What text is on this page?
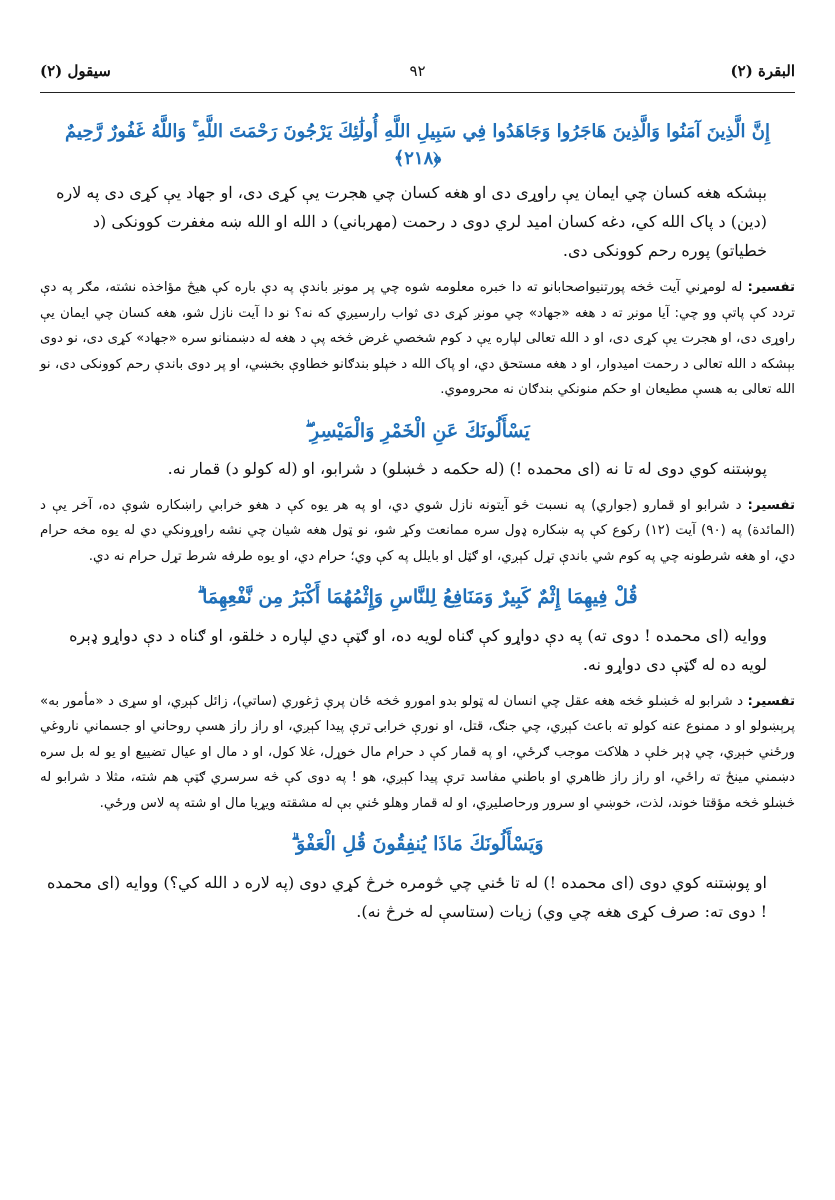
٩٢	البقرة (٢)
سيقول (٢)
إِنَّ الَّذِينَ آمَنُوا وَالَّذِينَ هَاجَرُوا وَجَاهَدُوا فِي سَبِيلِ اللَّهِ أُولَٰئِكَ يَرْجُونَ رَحْمَتَ اللَّهِ ۚ وَاللَّهُ غَفُورٌ رَّحِيمٌ ﴿٢١٨﴾

بېشکه هغه کسان چي ایمان يې راوړی دی او هغه کسان چي هجرت يې کړی دی، او جهاد يې کړی دی په لاره (دین) د پاک الله کي، دغه کسان امید لري دوی د رحمت (مهرباني) د الله او الله ښه مغفرت کوونکی (د خطیاتو) پوره رحم کوونکی دی.

تفسیر: له لومړني آیت څخه پورتنیواصحابانو ته دا خبره معلومه شوه چي پر مونږ باندې په دې باره کې هیڅ مؤاخذه نشته، مګر په دې تردد کې پاتې وو چي: آیا مونږ ته د هغه «جهاد» چي مونږ کړی دی ثواب رارسیږي که نه؟ نو دا آیت نازل شو، هغه کسان چي ایمان یې راوړی دی، او هجرت يې کړی دی، او د الله تعالی لپاره يې د کوم شخصي غرض څخه پې د هغه له دښمنانو سره «جهاد» کړی دی، نو دوی بېشکه د الله تعالی د رحمت امیدوار، او د هغه مستحق دي، او پاک الله د خپلو بندګانو خطاوې بخښي، او پر دوی باندې رحم کوونکی دی، نو الله تعالی به هسې مطیعان او حکم منونکي بندګان نه محروموي.

يَسْأَلُونَكَ عَنِ الْخَمْرِ وَالْمَيْسِرِ ۖ

پوښتنه کوي دوی له تا نه (ای محمده !) (له حکمه د څښلو) د شرابو، او (له کولو د) قمار نه.

تفسیر: د شرابو او قمارو (جواري) په نسبت څو آیتونه نازل شوي دي، او په هر یوه کې د هغو خرابي راښکاره شوې ده، آخر یې د (المائدة) په (٩٠) آیت (١٢) رکوع کې په ښکاره ډول سره ممانعت وکړ شو، نو ټول هغه شیان چي نشه راوړونکي دي له یوه مخه حرام دي، او هغه شرطونه چي په کوم شي باندې تړل کېږي، او ګټل او بایلل په کې وي؛ حرام دي، او یوه طرفه شرط تړل حرام نه دي.

قُلْ فِيهِمَا إِثْمٌ كَبِيرٌ وَمَنَافِعُ لِلنَّاسِ وَإِثْمُهُمَا أَكْبَرُ مِن نَّفْعِهِمَا ۗ

ووایه (ای محمده ! دوی ته) په دې دواړو کې ګناه لویه ده، او ګټې دي لپاره د خلقو، او ګناه د دې دواړو ډېره لویه ده له ګټې دی دواړو نه.

تفسیر: د شرابو له څښلو څخه هغه عقل چي انسان له ټولو بدو امورو څخه ځان پرې ژغوري (ساتي)، زائل کېږي، او سړی د «مأمور به» پرېښولو او د ممنوع عنه کولو ته باعث کېږي، چي جنګ، قتل، او نورې خرابۍ ترې پیدا کېږي، او راز راز هسې روحاني او جسماني ناروغي ورځني خېږي، چي ډېر خلې د هلاکت موجب ګرځي، او په قمار کې د حرام مال خوړل، غلا کول، او د مال او عیال تضییع او یو له بل سره دښمني مینځ ته راځي، او راز راز ظاهري او باطني مفاسد ترې پیدا کېږي، هو ! په دوی کې څه سرسري ګټې هم شته، مثلا د شرابو له څښلو څخه مؤقتا خوند، لذت، خوښي او سرور ورحاصلیږي، او له قمار وهلو ځني بې له مشقته ویړیا مال او شته په لاس ورځي.

وَيَسْأَلُونَكَ مَاذَا يُنفِقُونَ قُلِ الْعَفْوَ ۗ

او پوښتنه کوي دوی (ای محمده !) له تا ځني چي څومره خرڅ کړي دوی (په لاره د الله کي؟) ووایه (ای محمده ! دوی ته: صرف کړی هغه چي وي) زیات (ستاسې له خرڅ نه).
